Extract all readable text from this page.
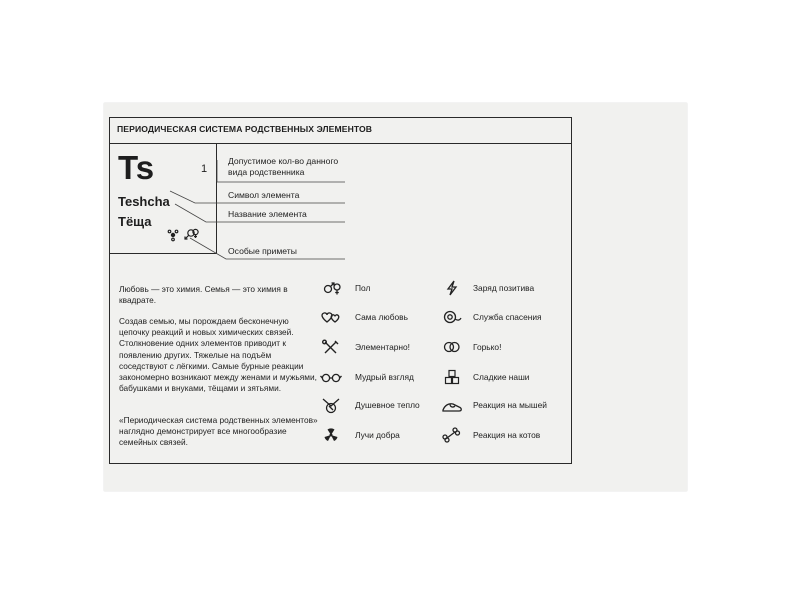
ПЕРИОДИЧЕСКАЯ СИСТЕМА РОДСТВЕННЫХ ЭЛЕМЕНТОВ
Ts	1
Teshcha
Тёща
Допустимое кол-во данного
вида родственника
Символ элемента
Название элемента
Особые приметы
Любовь — это химия. Семья — это химия в квадрате.
Создав семью, мы порождаем бесконечную цепочку реакций и новых химических связей. Столкновение одних элементов приводит к появлению других. Тяжелые на подъём соседствуют с лёгкими. Самые бурные реакции закономерно возникают между женами и мужьями, бабушками и внуками, тёщами и зятьями.
«Периодическая система родственных элементов» наглядно демонстрирует все многообразие семейных связей.
Пол
Сама любовь
Элементарно!
Мудрый взгляд
Душевное тепло
Лучи добра
Заряд позитива
Служба спасения
Горько!
Сладкие наши
Реакция на мышей
Реакция на котов
